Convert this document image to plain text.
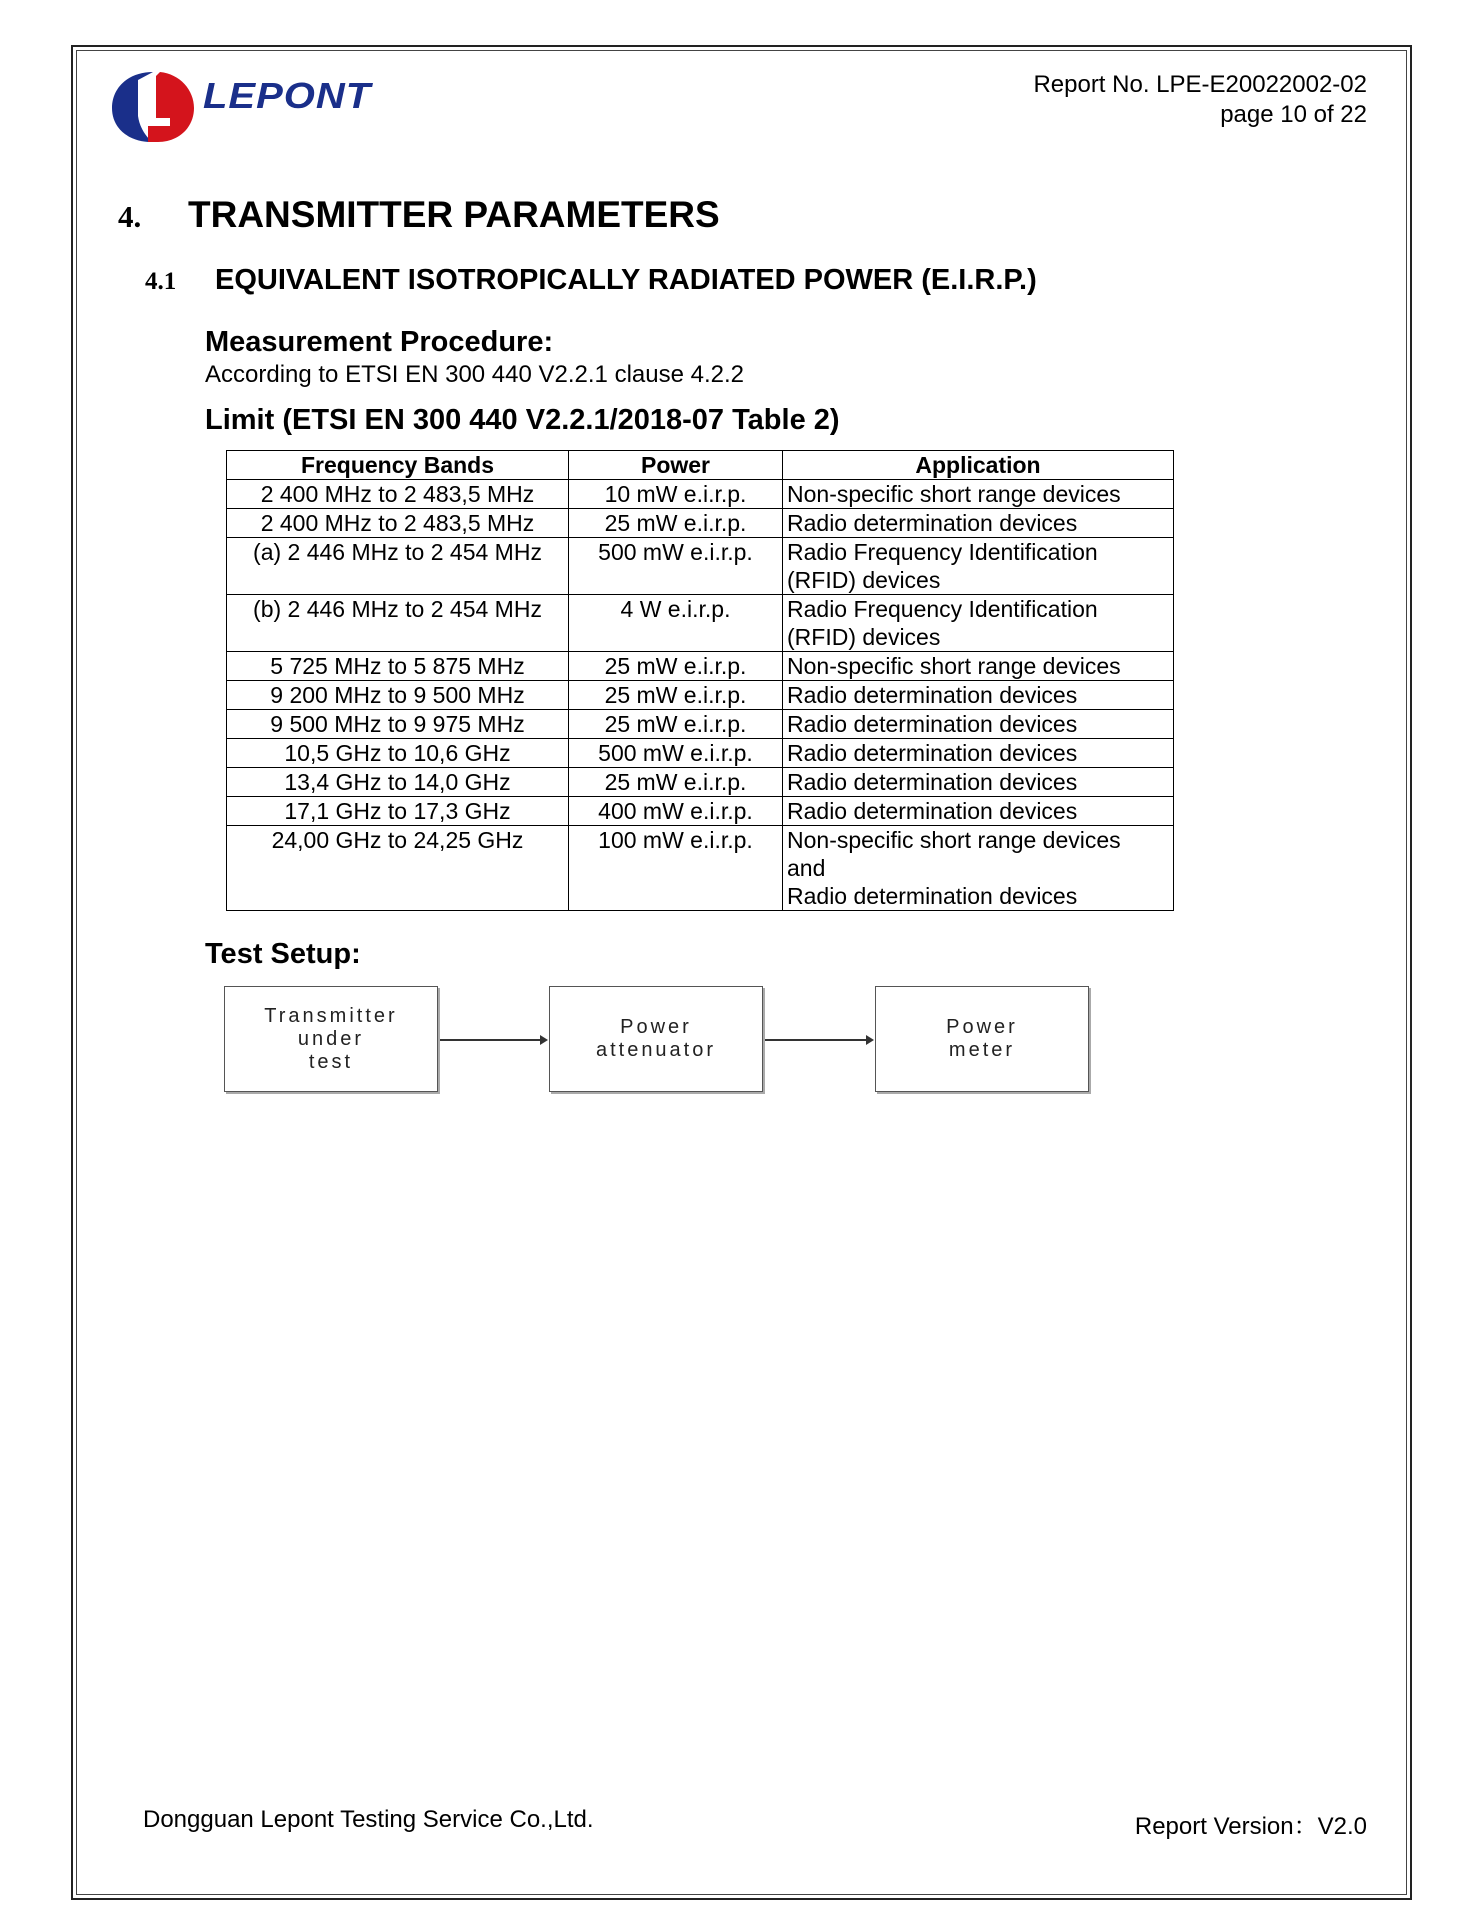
LEPONT	Report No. LPE-E20022002-02
page 10 of 22
4. TRANSMITTER PARAMETERS
4.1 EQUIVALENT ISOTROPICALLY RADIATED POWER (E.I.R.P.)
Measurement Procedure:
According to ETSI EN 300 440 V2.2.1 clause 4.2.2
Limit (ETSI EN 300 440 V2.2.1/2018-07 Table 2)
Frequency Bands	Power	Application
2 400 MHz to 2 483,5 MHz	10 mW e.i.r.p.	Non-specific short range devices
2 400 MHz to 2 483,5 MHz	25 mW e.i.r.p.	Radio determination devices
(a) 2 446 MHz to 2 454 MHz	500 mW e.i.r.p.	Radio Frequency Identification
(RFID) devices
(b) 2 446 MHz to 2 454 MHz	4 W e.i.r.p.	Radio Frequency Identification
(RFID) devices
5 725 MHz to 5 875 MHz	25 mW e.i.r.p.	Non-specific short range devices
9 200 MHz to 9 500 MHz	25 mW e.i.r.p.	Radio determination devices
9 500 MHz to 9 975 MHz	25 mW e.i.r.p.	Radio determination devices
10,5 GHz to 10,6 GHz	500 mW e.i.r.p.	Radio determination devices
13,4 GHz to 14,0 GHz	25 mW e.i.r.p.	Radio determination devices
17,1 GHz to 17,3 GHz	400 mW e.i.r.p.	Radio determination devices
24,00 GHz to 24,25 GHz	100 mW e.i.r.p.	Non-specific short range devices
and
Radio determination devices
Test Setup:
Transmitter
under
test
Power
attenuator
Power
meter
Dongguan Lepont Testing Service Co.,Ltd.	Report Version：V2.0
